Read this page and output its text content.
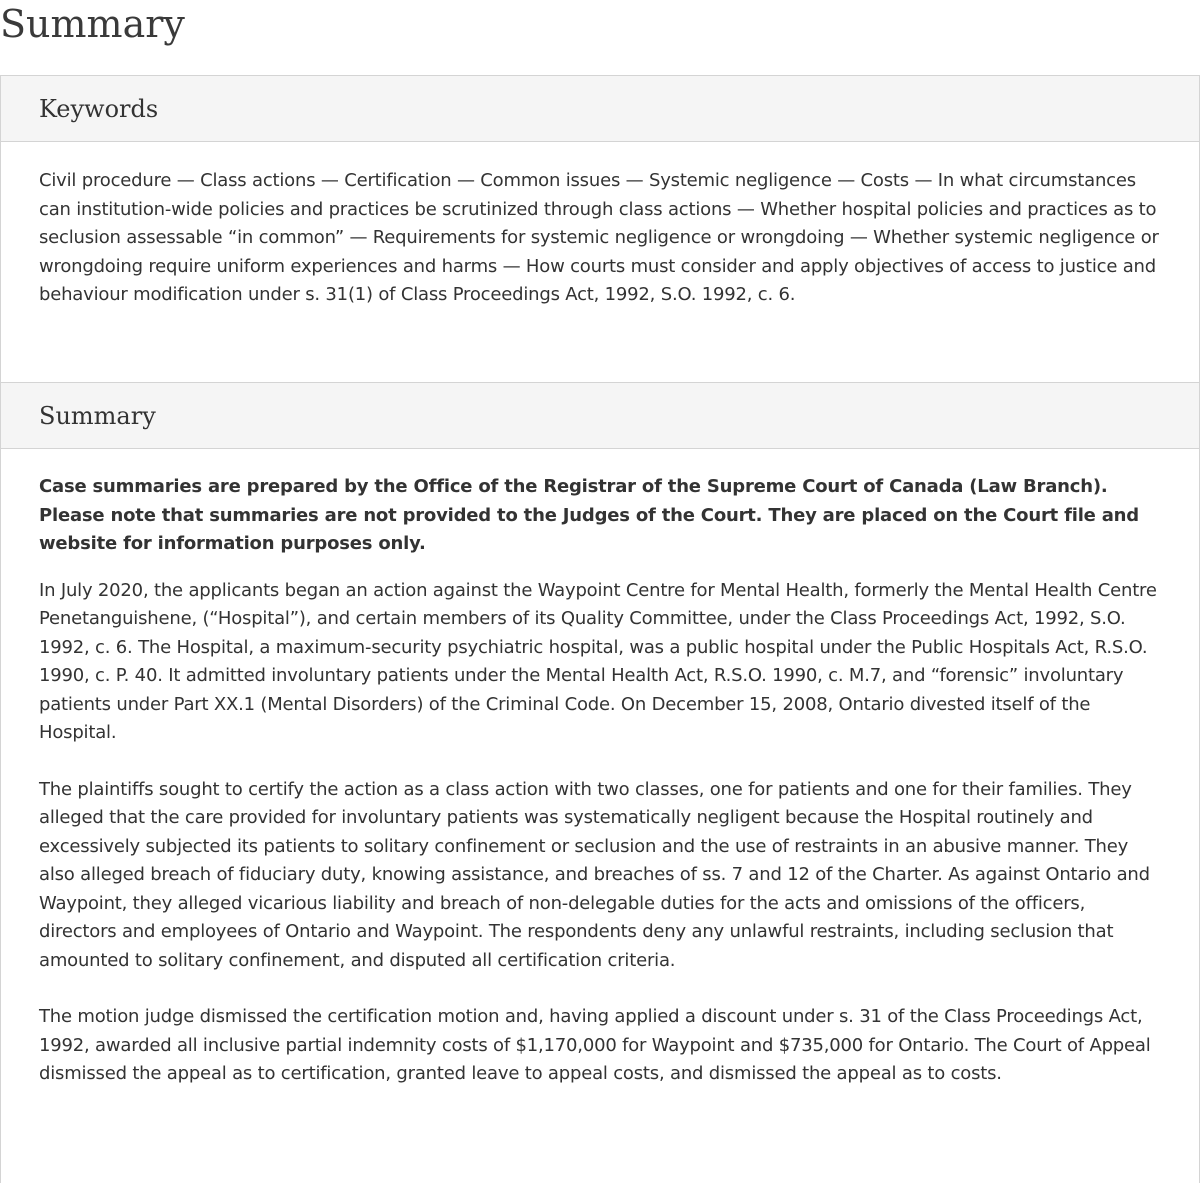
Summary
Keywords

Civil procedure — Class actions — Certification — Common issues — Systemic negligence — Costs — In what circumstances can institution-wide policies and practices be scrutinized through class actions — Whether hospital policies and practices as to seclusion assessable “in common” — Requirements for systemic negligence or wrongdoing — Whether systemic negligence or wrongdoing require uniform experiences and harms — How courts must consider and apply objectives of access to justice and behaviour modification under s. 31(1) of Class Proceedings Act, 1992, S.O. 1992, c. 6.

Summary

Case summaries are prepared by the Office of the Registrar of the Supreme Court of Canada (Law Branch). Please note that summaries are not provided to the Judges of the Court. They are placed on the Court file and website for information purposes only.

In July 2020, the applicants began an action against the Waypoint Centre for Mental Health, formerly the Mental Health Centre Penetanguishene, (“Hospital”), and certain members of its Quality Committee, under the Class Proceedings Act, 1992, S.O. 1992, c. 6. The Hospital, a maximum-security psychiatric hospital, was a public hospital under the Public Hospitals Act, R.S.O. 1990, c. P. 40. It admitted involuntary patients under the Mental Health Act, R.S.O. 1990, c. M.7, and “forensic” involuntary patients under Part XX.1 (Mental Disorders) of the Criminal Code. On December 15, 2008, Ontario divested itself of the Hospital.

The plaintiffs sought to certify the action as a class action with two classes, one for patients and one for their families. They alleged that the care provided for involuntary patients was systematically negligent because the Hospital routinely and excessively subjected its patients to solitary confinement or seclusion and the use of restraints in an abusive manner. They also alleged breach of fiduciary duty, knowing assistance, and breaches of ss. 7 and 12 of the Charter. As against Ontario and Waypoint, they alleged vicarious liability and breach of non-delegable duties for the acts and omissions of the officers, directors and employees of Ontario and Waypoint. The respondents deny any unlawful restraints, including seclusion that amounted to solitary confinement, and disputed all certification criteria.

The motion judge dismissed the certification motion and, having applied a discount under s. 31 of the Class Proceedings Act, 1992, awarded all inclusive partial indemnity costs of $1,170,000 for Waypoint and $735,000 for Ontario. The Court of Appeal dismissed the appeal as to certification, granted leave to appeal costs, and dismissed the appeal as to costs.
